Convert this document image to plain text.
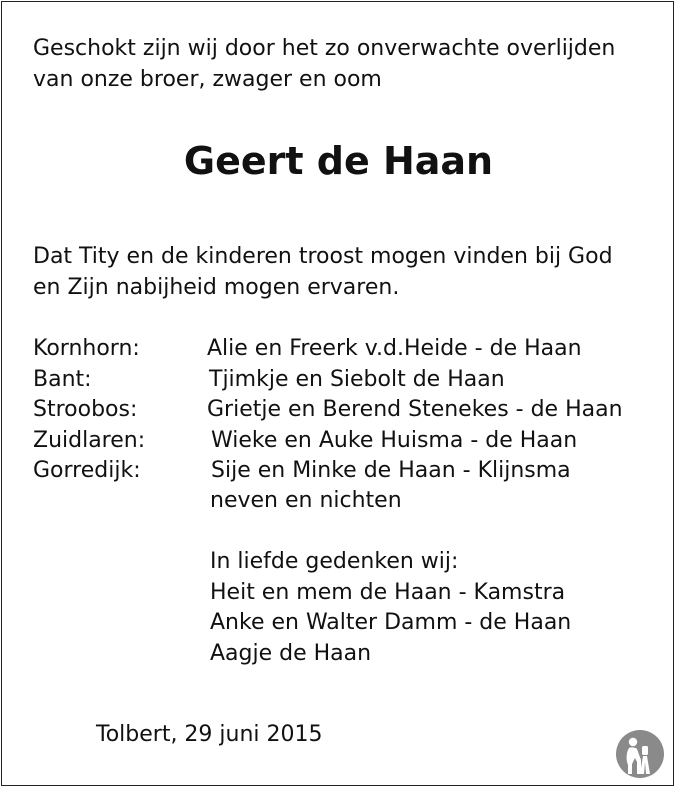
Geschokt zijn wij door het zo onverwachte overlijden
van onze broer, zwager en oom
Geert de Haan
Dat Tity en de kinderen troost mogen vinden bij God
en Zijn nabijheid mogen ervaren.
Kornhorn:	Alie en Freerk v.d.Heide - de Haan
Bant:	Tjimkje en Siebolt de Haan
Stroobos:	Grietje en Berend Stenekes - de Haan
Zuidlaren:	Wieke en Auke Huisma - de Haan
Gorredijk:	Sije en Minke de Haan - Klijnsma
neven en nichten
In liefde gedenken wij:
Heit en mem de Haan - Kamstra
Anke en Walter Damm - de Haan
Aagje de Haan
Tolbert, 29 juni 2015
